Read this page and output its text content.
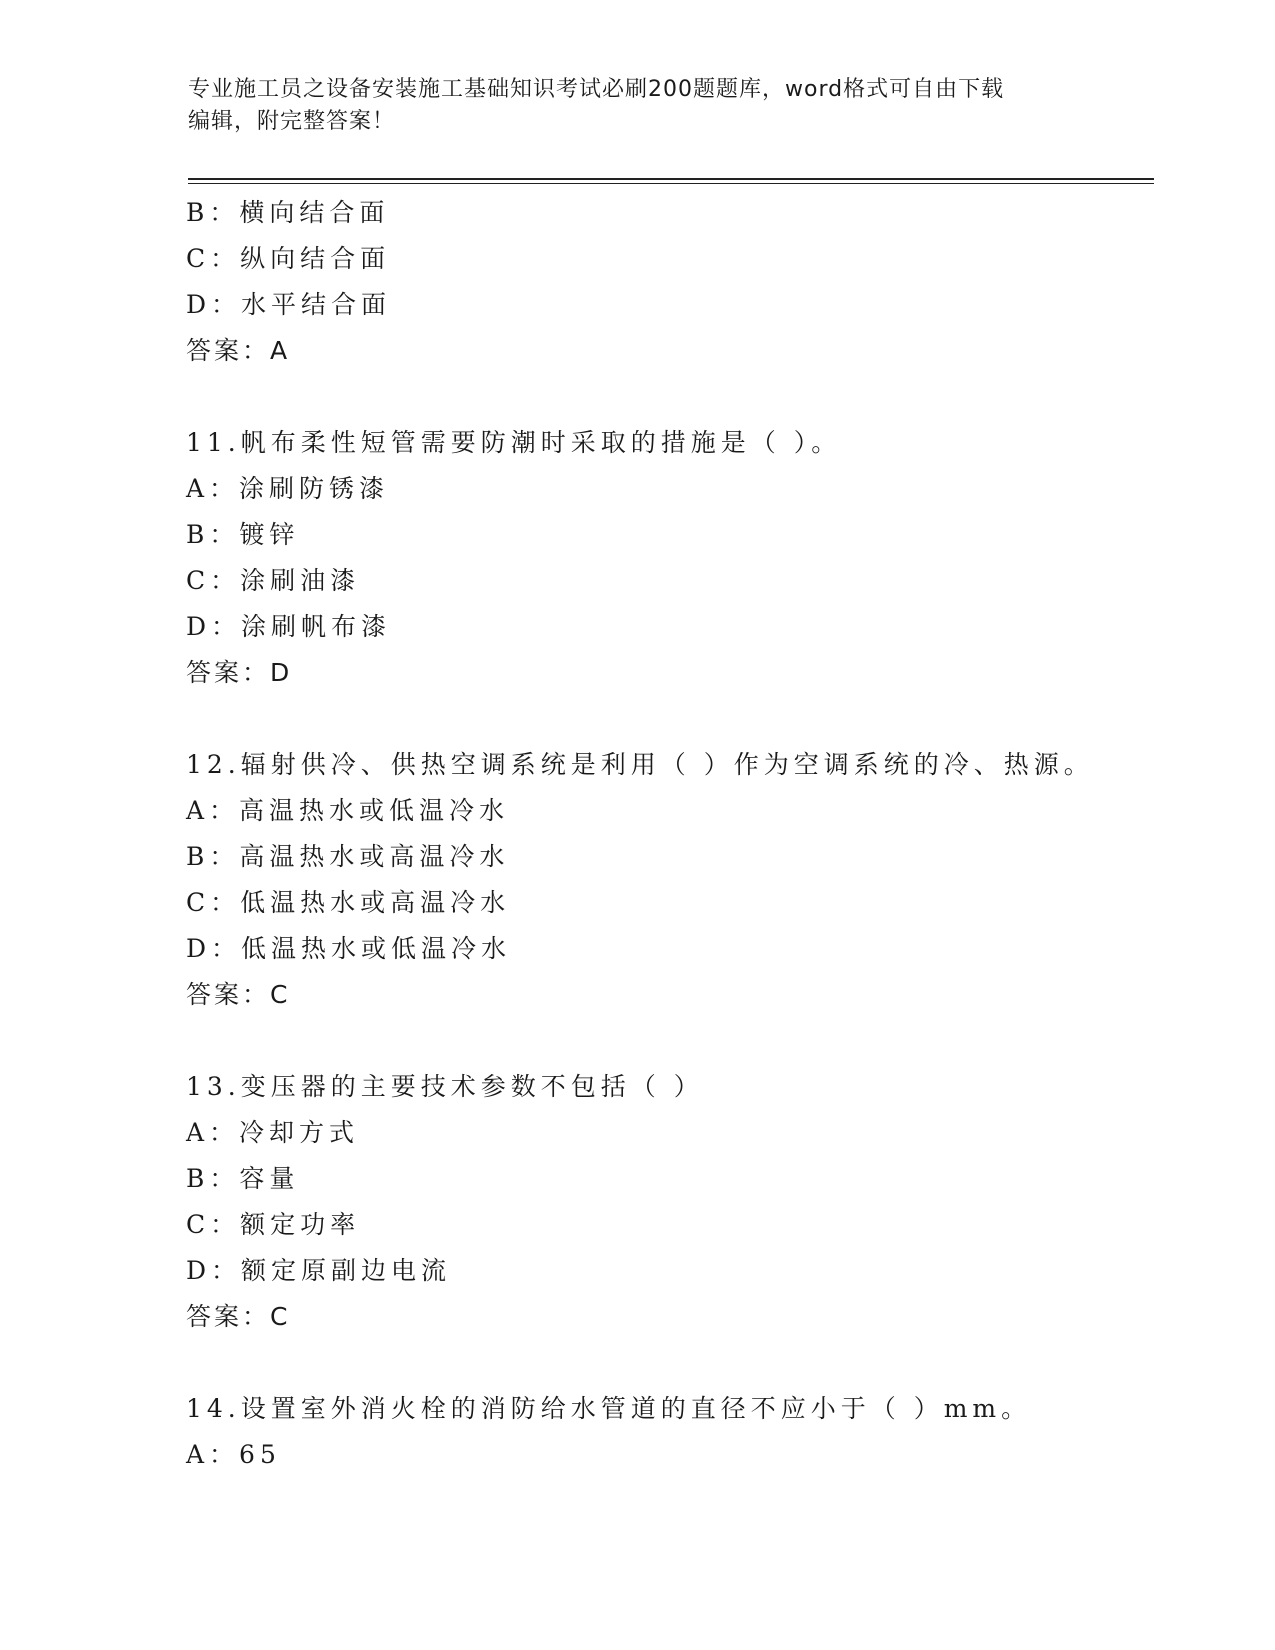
专业施工员之设备安装施工基础知识考试必刷200题题库，word格式可自由下载
编辑，附完整答案！
B：横向结合面
C：纵向结合面
D：水平结合面
答案：A
11.帆布柔性短管需要防潮时采取的措施是（ ）。
A：涂刷防锈漆
B：镀锌
C：涂刷油漆
D：涂刷帆布漆
答案：D
12.辐射供冷、供热空调系统是利用（ ）作为空调系统的冷、热源。
A：高温热水或低温冷水
B：高温热水或高温冷水
C：低温热水或高温冷水
D：低温热水或低温冷水
答案：C
13.变压器的主要技术参数不包括（ ）
A：冷却方式
B：容量
C：额定功率
D：额定原副边电流
答案：C
14.设置室外消火栓的消防给水管道的直径不应小于（ ）mm。
A：65
